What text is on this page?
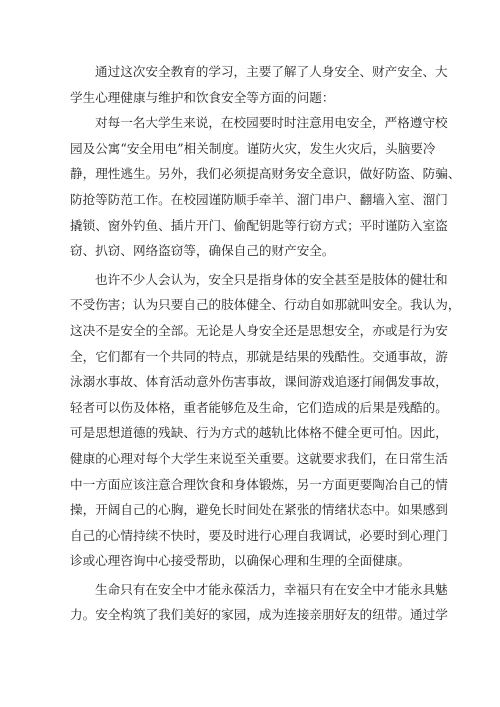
通过这次安全教育的学习，主要了解了人身安全、财产安全、大
学生心理健康与维护和饮食安全等方面的问题：
对每一名大学生来说，在校园要时时注意用电安全，严格遵守校
园及公寓“安全用电”相关制度。谨防火灾，发生火灾后，头脑要冷
静，理性逃生。另外，我们必须提高财务安全意识，做好防盗、防骗、
防抢等防范工作。在校园谨防顺手牵羊、溜门串户、翻墙入室、溜门
撬锁、窗外钓鱼、插片开门、偷配钥匙等行窃方式；平时谨防入室盗
窃、扒窃、网络盗窃等，确保自己的财产安全。
也许不少人会认为，安全只是指身体的安全甚至是肢体的健壮和
不受伤害；认为只要自己的肢体健全、行动自如那就叫安全。我认为，
这决不是安全的全部。无论是人身安全还是思想安全，亦或是行为安
全，它们都有一个共同的特点，那就是结果的残酷性。交通事故，游
泳溺水事故、体育活动意外伤害事故，课间游戏追逐打闹偶发事故，
轻者可以伤及体格，重者能够危及生命，它们造成的后果是残酷的。
可是思想道德的残缺、行为方式的越轨比体格不健全更可怕。因此，
健康的心理对每个大学生来说至关重要。这就要求我们，在日常生活
中一方面应该注意合理饮食和身体锻炼，另一方面更要陶冶自己的情
操，开阔自己的心胸，避免长时间处在紧张的情绪状态中。如果感到
自己的心情持续不快时，要及时进行心理自我调试，必要时到心理门
诊或心理咨询中心接受帮助，以确保心理和生理的全面健康。
生命只有在安全中才能永葆活力，幸福只有在安全中才能永具魅
力。安全构筑了我们美好的家园，成为连接亲朋好友的纽带。通过学
